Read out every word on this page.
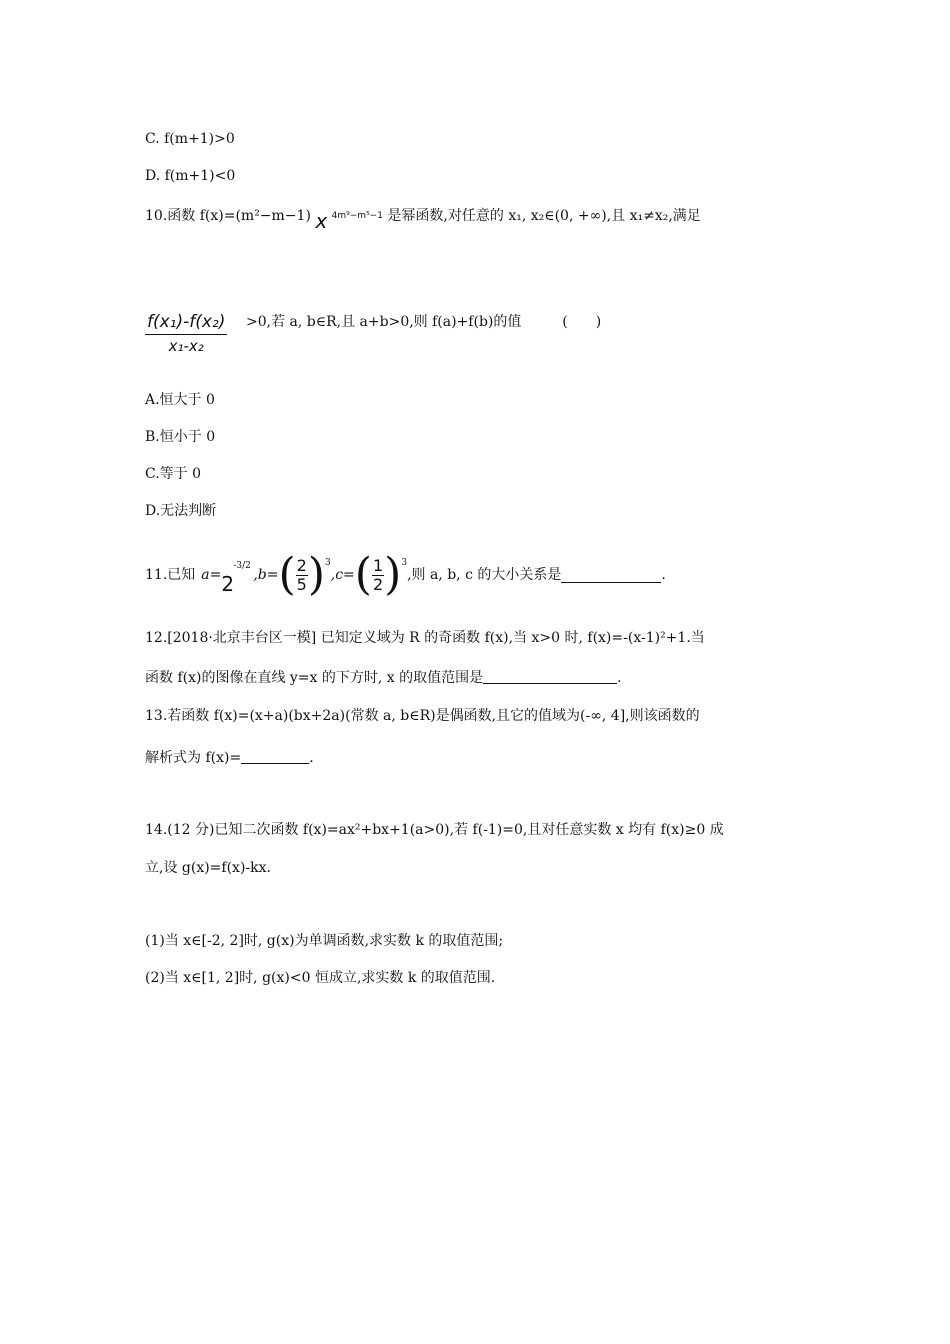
C. f(m+1)>0
D. f(m+1)<0
10.函数 f(x)=(m²−m−1) x 4m⁹−m⁵−1 是幂函数,对任意的 x₁, x₂∈(0, +∞),且 x₁≠x₂,满足
$\frac{\text{f(x₁)-f(x₂)}}{\text{x₁-x₂}} >0$,若 a, b∈R,且 a+b>0,则 f(a)+f(b)的值	( )
A.恒大于 0
B.恒小于 0
C.等于 0
D.无法判断
11.已知 a= 2
-3/2
,b= ( $\frac{2}{5} )^3$
,c= ( $\frac{1}{2} )^3$
,则 a, b, c 的大小关系是	.
12.[2018·北京丰台区一模] 已知定义域为 R 的奇函数 f(x),当 x>0 时, f(x)=-(x-1)²+1.当
函数 f(x)的图像在直线 y=x 的下方时, x 的取值范围是	.
13.若函数 f(x)=(x+a)(bx+2a)(常数 a, b∈R)是偶函数,且它的值域为(-∞, 4],则该函数的
解析式为 f(x)=	.
14.(12 分)已知二次函数 f(x)=ax²+bx+1(a>0),若 f(-1)=0,且对任意实数 x 均有 f(x)≥0 成
立,设 g(x)=f(x)-kx.
(1)当 x∈[-2, 2]时, g(x)为单调函数,求实数 k 的取值范围;
(2)当 x∈[1, 2]时, g(x)<0 恒成立,求实数 k 的取值范围.
